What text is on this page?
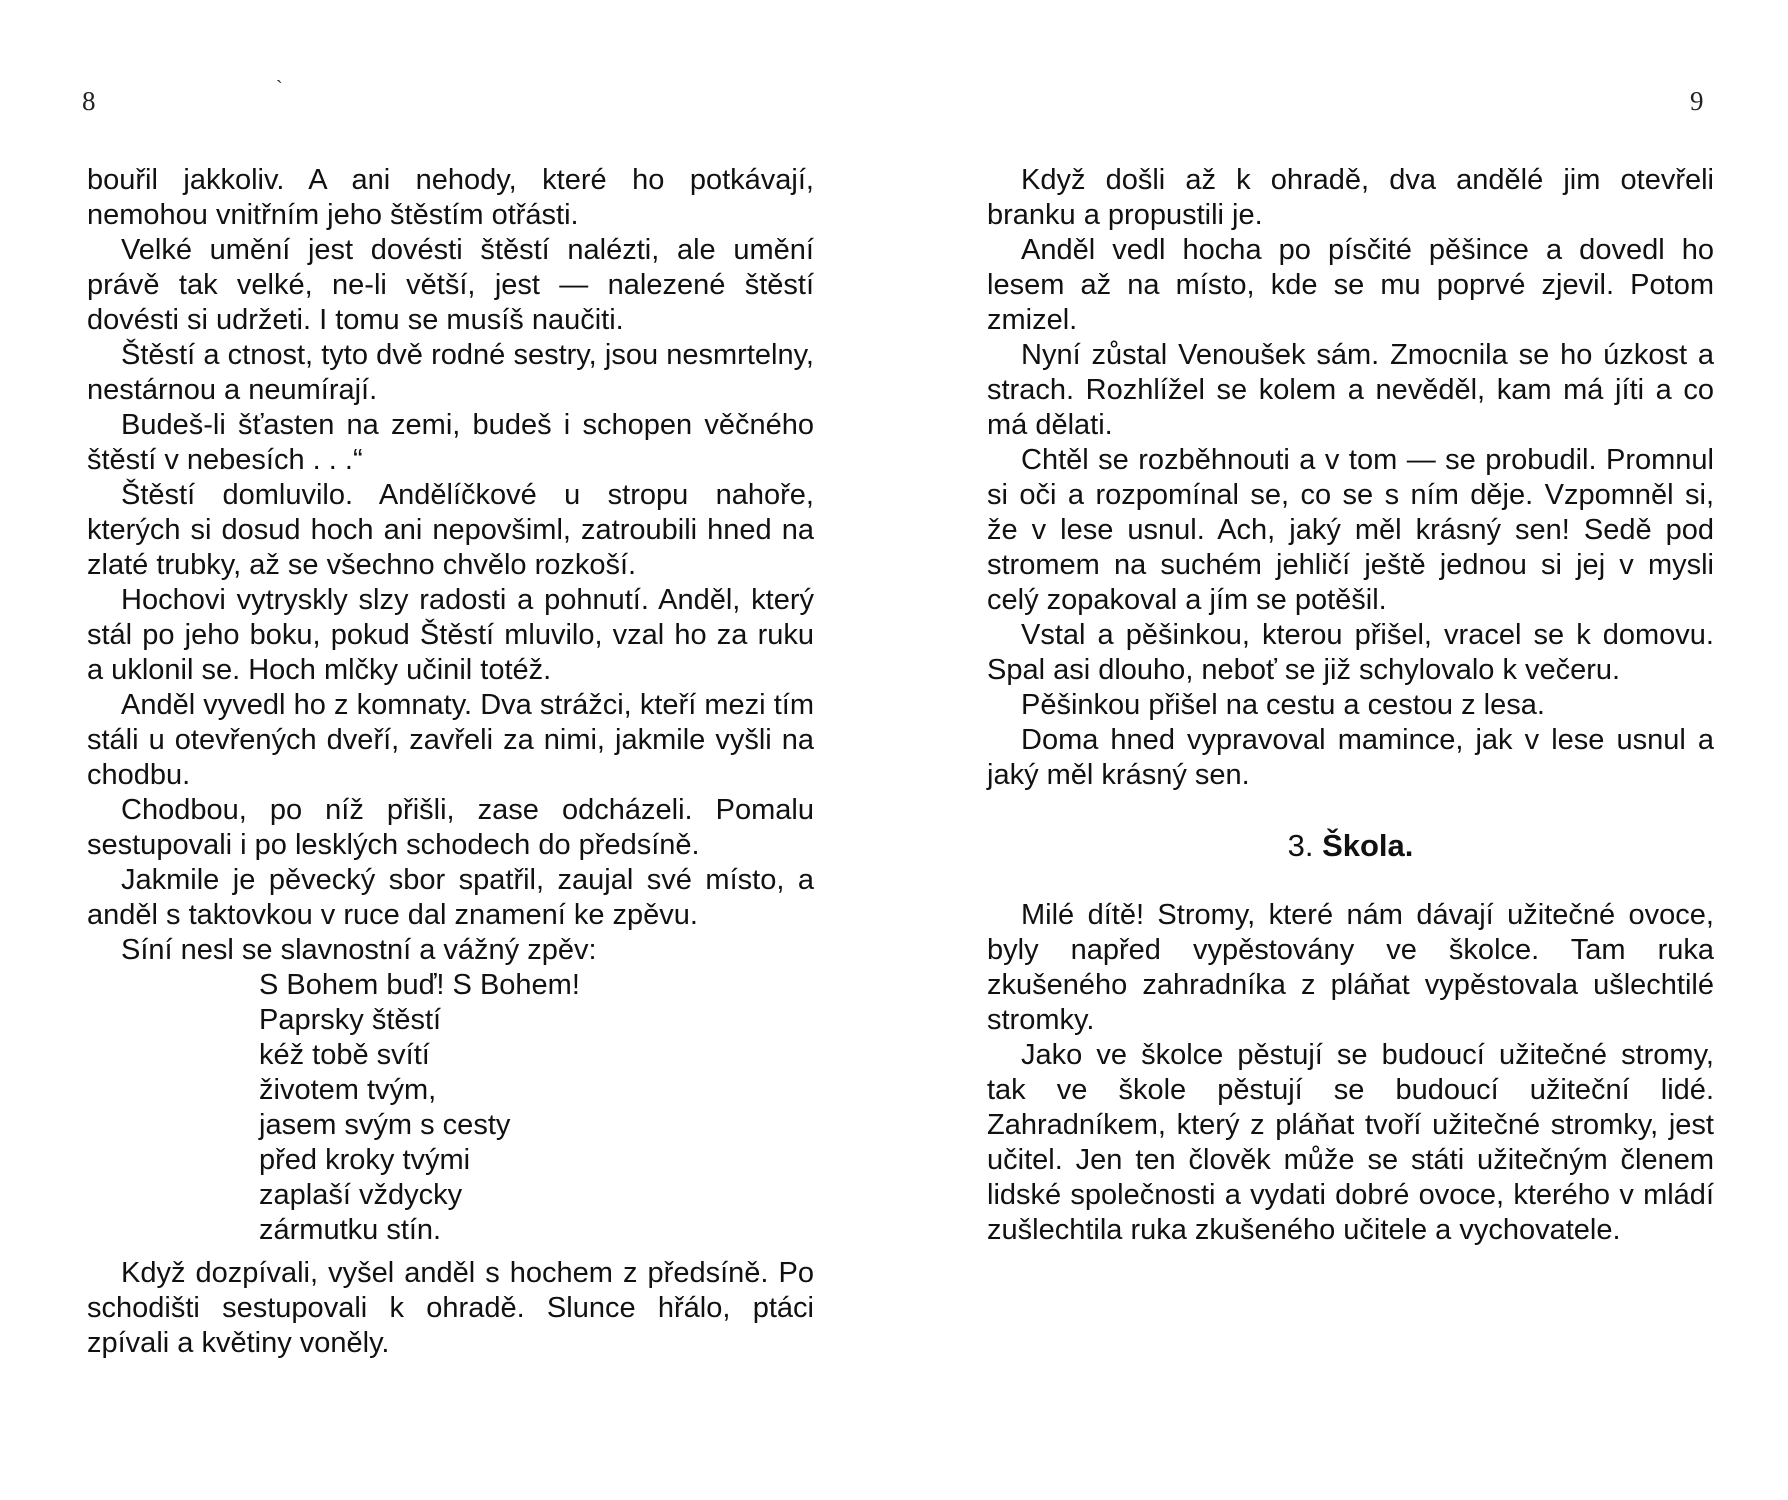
8	`

bouřil jakkoliv. A ani nehody, které ho potkávají, nemohou vnitřním jeho štěstím otřásti.

Velké umění jest dovésti štěstí nalézti, ale umění právě tak velké, ne-li větší, jest — nalezené štěstí dovésti si udržeti. I tomu se musíš naučiti.

Štěstí a ctnost, tyto dvě rodné sestry, jsou nesmrtelny, nestárnou a neumírají.

Budeš-li šťasten na zemi, budeš i schopen věčného štěstí v nebesích . . .“

Štěstí domluvilo. Andělíčkové u stropu nahoře, kterých si dosud hoch ani nepovšiml, zatroubili hned na zlaté trubky, až se všechno chvělo rozkoší.

Hochovi vytryskly slzy radosti a pohnutí. Anděl, který stál po jeho boku, pokud Štěstí mluvilo, vzal ho za ruku a uklonil se. Hoch mlčky učinil totéž.

Anděl vyvedl ho z komnaty. Dva strážci, kteří mezi tím stáli u otevřených dveří, zavřeli za nimi, jakmile vyšli na chodbu.

Chodbou, po níž přišli, zase odcházeli. Pomalu sestupovali i po lesklých schodech do předsíně.

Jakmile je pěvecký sbor spatřil, zaujal své místo, a anděl s taktovkou v ruce dal znamení ke zpěvu.

Síní nesl se slavnostní a vážný zpěv:

S Bohem buď! S Bohem!
Paprsky štěstí
kéž tobě svítí
životem tvým,
jasem svým s cesty
před kroky tvými
zaplaší vždycky
zármutku stín.

Když dozpívali, vyšel anděl s hochem z předsíně. Po schodišti sestupovali k ohradě. Slunce hřálo, ptáci zpívali a květiny voněly.

9

Když došli až k ohradě, dva andělé jim otevřeli branku a propustili je.

Anděl vedl hocha po písčité pěšince a dovedl ho lesem až na místo, kde se mu poprvé zjevil. Potom zmizel.

Nyní zůstal Venoušek sám. Zmocnila se ho úzkost a strach. Rozhlížel se kolem a nevěděl, kam má jíti a co má dělati.

Chtěl se rozběhnouti a v tom — se probudil. Promnul si oči a rozpomínal se, co se s ním děje. Vzpomněl si, že v lese usnul. Ach, jaký měl krásný sen! Sedě pod stromem na suchém jehličí ještě jednou si jej v mysli celý zopakoval a jím se potěšil.

Vstal a pěšinkou, kterou přišel, vracel se k domovu. Spal asi dlouho, neboť se již schylovalo k večeru.

Pěšinkou přišel na cestu a cestou z lesa.

Doma hned vypravoval mamince, jak v lese usnul a jaký měl krásný sen.

3. Škola.

Milé dítě! Stromy, které nám dávají užitečné ovoce, byly napřed vypěstovány ve školce. Tam ruka zkušeného zahradníka z pláňat vypěstovala ušlechtilé stromky.

Jako ve školce pěstují se budoucí užitečné stromy, tak ve škole pěstují se budoucí užiteční lidé. Zahradníkem, který z pláňat tvoří užitečné stromky, jest učitel. Jen ten člověk může se státi užitečným členem lidské společnosti a vydati dobré ovoce, kterého v mládí zušlechtila ruka zkušeného učitele a vychovatele.
